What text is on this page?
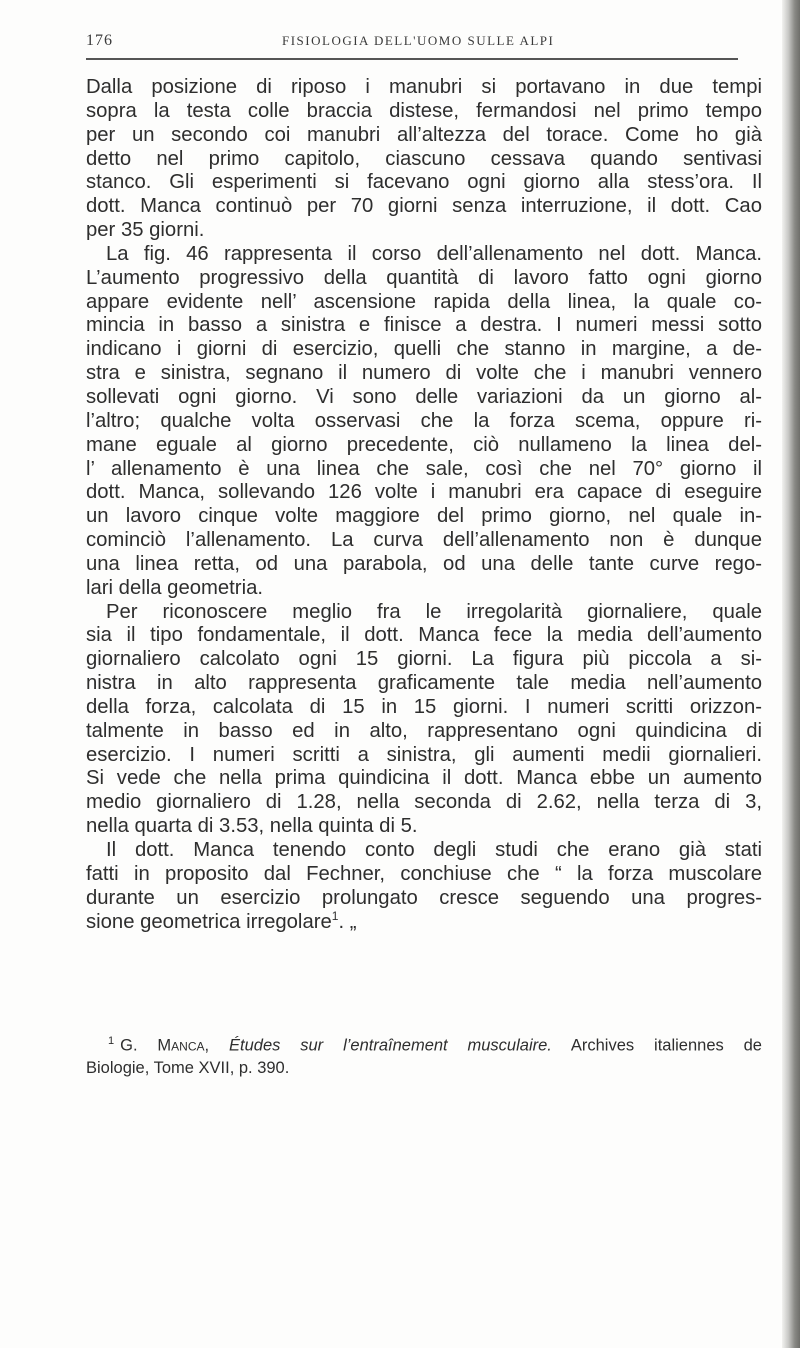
176	FISIOLOGIA DELL'UOMO SULLE ALPI

Dalla posizione di riposo i manubri si portavano in due tempi
sopra la testa colle braccia distese, fermandosi nel primo tempo
per un secondo coi manubri all’altezza del torace. Come ho già
detto nel primo capitolo, ciascuno cessava quando sentivasi
stanco. Gli esperimenti si facevano ogni giorno alla stess’ora. Il
dott. Manca continuò per 70 giorni senza interruzione, il dott. Cao
per 35 giorni.

La fig. 46 rappresenta il corso dell’allenamento nel dott. Manca.
L’aumento progressivo della quantità di lavoro fatto ogni giorno
appare evidente nell’ ascensione rapida della linea, la quale co-
mincia in basso a sinistra e finisce a destra. I numeri messi sotto
indicano i giorni di esercizio, quelli che stanno in margine, a de-
stra e sinistra, segnano il numero di volte che i manubri vennero
sollevati ogni giorno. Vi sono delle variazioni da un giorno al-
l’altro; qualche volta osservasi che la forza scema, oppure ri-
mane eguale al giorno precedente, ciò nullameno la linea del-
l’ allenamento è una linea che sale, così che nel 70° giorno il
dott. Manca, sollevando 126 volte i manubri era capace di eseguire
un lavoro cinque volte maggiore del primo giorno, nel quale in-
cominciò l’allenamento. La curva dell’allenamento non è dunque
una linea retta, od una parabola, od una delle tante curve rego-
lari della geometria.

Per riconoscere meglio fra le irregolarità giornaliere, quale
sia il tipo fondamentale, il dott. Manca fece la media dell’aumento
giornaliero calcolato ogni 15 giorni. La figura più piccola a si-
nistra in alto rappresenta graficamente tale media nell’aumento
della forza, calcolata di 15 in 15 giorni. I numeri scritti orizzon-
talmente in basso ed in alto, rappresentano ogni quindicina di
esercizio. I numeri scritti a sinistra, gli aumenti medii giornalieri.
Si vede che nella prima quindicina il dott. Manca ebbe un aumento
medio giornaliero di 1.28, nella seconda di 2.62, nella terza di 3,
nella quarta di 3.53, nella quinta di 5.

Il dott. Manca tenendo conto degli studi che erano già stati
fatti in proposito dal Fechner, conchiuse che “ la forza muscolare
durante un esercizio prolungato cresce seguendo una progres-
sione geometrica irregolare$^1$. „

$^1$ G. Manca, Études sur l’entraînement musculaire. Archives italiennes de
Biologie, Tome XVII, p. 390.
